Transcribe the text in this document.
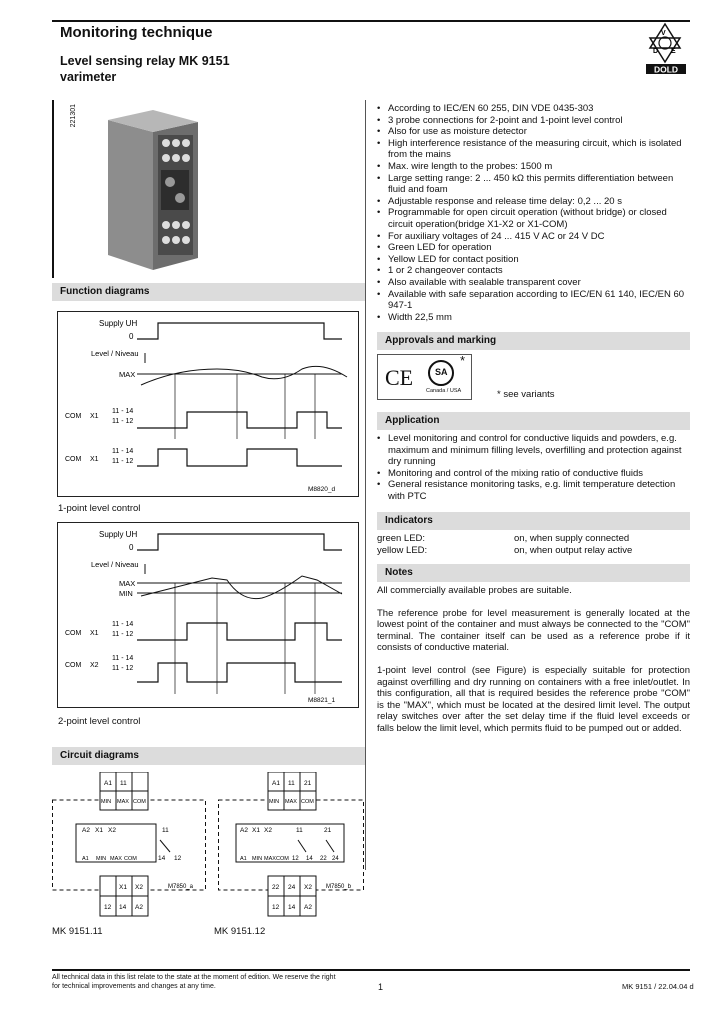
Monitoring technique
Level sensing relay MK 9151
varimeter
V
D E
DOLD
221301
•	According to IEC/EN 60 255, DIN VDE 0435-303
• 3 probe connections for 2-point and 1-point level control
• Also for use as moisture detector
• High interference resistance of the measuring circuit, which is isolated from the mains
• Max. wire length to the probes: 1500 m
• Large setting range: 2 ... 450 kΩ this permits differentiation between fluid and foam
• Adjustable response and release time delay: 0,2 ... 20 s
• Programmable for open circuit operation (without bridge) or closed circuit operation(bridge X1-X2 or X1-COM)
• For auxiliary voltages of 24 ... 415 V AC or 24 V DC
• Green LED for operation
• Yellow LED for contact position
• 1 or 2 changeover contacts
• Also available with sealable transparent cover
• Available with safe separation according to IEC/EN 61 140, IEC/EN 60 947-1
• Width 22,5 mm
Function diagrams
Supply UH
0
Level / Niveau
MAX
COM X1
11 - 14
11 - 12
COM X1
11 - 14
11 - 12
M8820_d
1-point level control
Supply UH
0
Level / Niveau
MAX
MIN
COM X1
11 - 14
11 - 12
COM X2
11 - 14
11 - 12
M8821_1
2-point level control
Circuit diagrams
A1 11
MIN MAX COM
A2 X1 X2	11
A1 MIN MAX COM	14 12
X1 X2
12 14 A2
M7850_a
MK 9151.11
A1 11 21
MIN MAX COM
A2 X1 X2	11	21
A1 MIN MAX COM 12 14 22 24
22 24 X2
12 14 A2
M7850_b
MK 9151.12
Approvals and marking
CE SA
*
Canada / USA	* see variants
Application
• Level monitoring and control for conductive liquids and powders, e.g. maximum and minimum filling levels, overfilling and protection against dry running
• Monitoring and control of the mixing ratio of conductive fluids
• General resistance monitoring tasks, e.g. limit temperature detection with PTC
Indicators
green LED:	on, when supply connected
yellow LED:	on, when output relay active
Notes
All commercially available probes are suitable.
The reference probe for level measurement is generally located at the lowest point of the container and must always be connected to the "COM" terminal. The container itself can be used as a reference probe if it consists of conductive material.
1-point level control (see Figure) is especially suitable for protection against overfilling and dry running on containers with a free inlet/outlet. In this configuration, all that is required besides the reference probe "COM" is the "MAX", which must be located at the desired limit level. The output relay switches over after the set delay time if the fluid level exceeds or falls below the limit level, which permits fluid to be pumped out or added.
All technical data in this list relate to the state at the moment of edition. We reserve the right
for technical improvements and changes at any time.	1	MK 9151 / 22.04.04 d
